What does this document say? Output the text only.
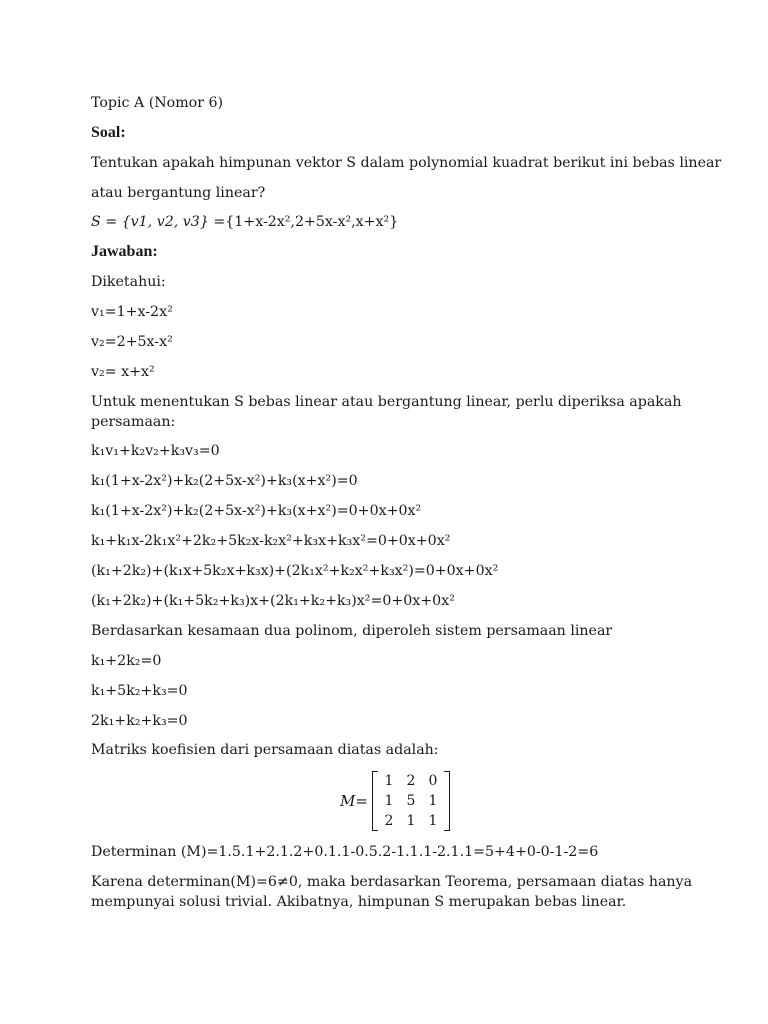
Topic A (Nomor 6)
Soal:
Tentukan apakah himpunan vektor S dalam polynomial kuadrat berikut ini bebas linear
atau bergantung linear?
S = {v1, v2, v3} ={1+x-2x²,2+5x-x²,x+x²}
Jawaban:
Diketahui:
v₁=1+x-2x²
v₂=2+5x-x²
v₂= x+x²
Untuk menentukan S bebas linear atau bergantung linear, perlu diperiksa apakah
persamaan:
k₁v₁+k₂v₂+k₃v₃=0
k₁(1+x-2x²)+k₂(2+5x-x²)+k₃(x+x²)=0
k₁(1+x-2x²)+k₂(2+5x-x²)+k₃(x+x²)=0+0x+0x²
k₁+k₁x-2k₁x²+2k₂+5k₂x-k₂x²+k₃x+k₃x²=0+0x+0x²
(k₁+2k₂)+(k₁x+5k₂x+k₃x)+(2k₁x²+k₂x²+k₃x²)=0+0x+0x²
(k₁+2k₂)+(k₁+5k₂+k₃)x+(2k₁+k₂+k₃)x²=0+0x+0x²
Berdasarkan kesamaan dua polinom, diperoleh sistem persamaan linear
k₁+2k₂=0
k₁+5k₂+k₃=0
2k₁+k₂+k₃=0
Matriks koefisien dari persamaan diatas adalah:
M=
1 2 0
1 5 1
2 1 1
Determinan (M)=1.5.1+2.1.2+0.1.1-0.5.2-1.1.1-2.1.1=5+4+0-0-1-2=6
Karena determinan(M)=6≠0, maka berdasarkan Teorema, persamaan diatas hanya
mempunyai solusi trivial. Akibatnya, himpunan S merupakan bebas linear.
